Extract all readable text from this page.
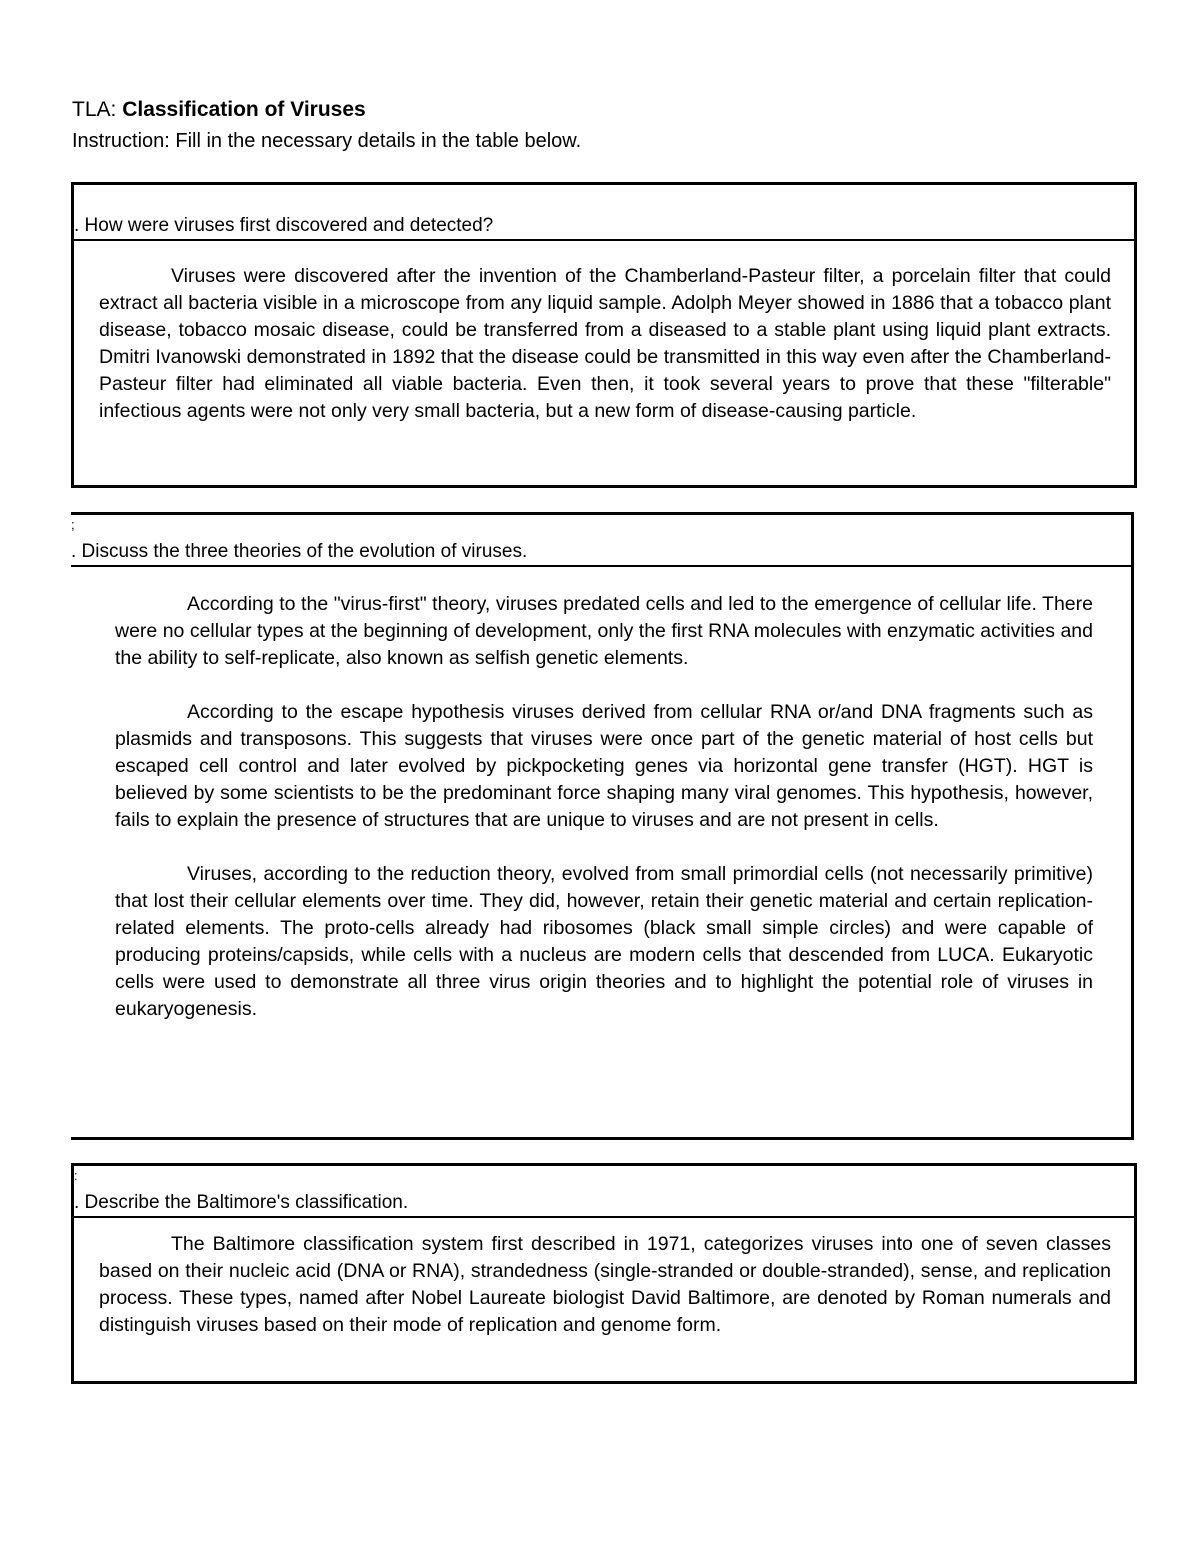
TLA: Classification of Viruses
Instruction: Fill in the necessary details in the table below.
. How were viruses first discovered and detected?

Viruses were discovered after the invention of the Chamberland-Pasteur filter, a porcelain filter that could extract all bacteria visible in a microscope from any liquid sample. Adolph Meyer showed in 1886 that a tobacco plant disease, tobacco mosaic disease, could be transferred from a diseased to a stable plant using liquid plant extracts. Dmitri Ivanowski demonstrated in 1892 that the disease could be transmitted in this way even after the Chamberland-Pasteur filter had eliminated all viable bacteria. Even then, it took several years to prove that these "filterable" infectious agents were not only very small bacteria, but a new form of disease-causing particle.

;
. Discuss the three theories of the evolution of viruses.

According to the "virus-first" theory, viruses predated cells and led to the emergence of cellular life. There were no cellular types at the beginning of development, only the first RNA molecules with enzymatic activities and the ability to self-replicate, also known as selfish genetic elements.

According to the escape hypothesis viruses derived from cellular RNA or/and DNA fragments such as plasmids and transposons. This suggests that viruses were once part of the genetic material of host cells but escaped cell control and later evolved by pickpocketing genes via horizontal gene transfer (HGT). HGT is believed by some scientists to be the predominant force shaping many viral genomes. This hypothesis, however, fails to explain the presence of structures that are unique to viruses and are not present in cells.

Viruses, according to the reduction theory, evolved from small primordial cells (not necessarily primitive) that lost their cellular elements over time. They did, however, retain their genetic material and certain replication-related elements. The proto-cells already had ribosomes (black small simple circles) and were capable of producing proteins/capsids, while cells with a nucleus are modern cells that descended from LUCA. Eukaryotic cells were used to demonstrate all three virus origin theories and to highlight the potential role of viruses in eukaryogenesis.

:
. Describe the Baltimore's classification.

The Baltimore classification system first described in 1971, categorizes viruses into one of seven classes based on their nucleic acid (DNA or RNA), strandedness (single-stranded or double-stranded), sense, and replication process. These types, named after Nobel Laureate biologist David Baltimore, are denoted by Roman numerals and distinguish viruses based on their mode of replication and genome form.
